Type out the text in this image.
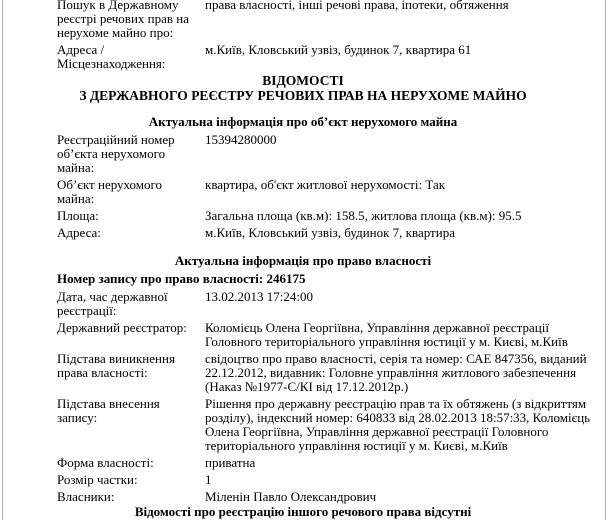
Пошук в Державному реєстрі речових прав на нерухоме майно про:
права власності, інші речові права, іпотеки, обтяження
Адреса / Місцезнаходження:
м.Київ, Кловський узвіз, будинок 7, квартира 61
ВІДОМОСТІ
З ДЕРЖАВНОГО РЕЄСТРУ РЕЧОВИХ ПРАВ НА НЕРУХОМЕ МАЙНО
Актуальна інформація про об’єкт нерухомого майна
Реєстраційний номер об’єкта нерухомого майна:
15394280000
Об’єкт нерухомого майна:
квартира, об'єкт житлової нерухомості: Так
Площа:	Загальна площа (кв.м): 158.5, житлова площа (кв.м): 95.5
Адреса:	м.Київ, Кловський узвіз, будинок 7, квартира
Актуальна інформація про право власності
Номер запису про право власності: 246175
Дата, час державної реєстрації:
13.02.2013 17:24:00
Державний реєстратор:	Коломієць Олена Георгіївна, Управління державної реєстрації Головного територіального управління юстиції у м. Києві, м.Київ
Підстава виникнення права власності:
свідоцтво про право власності, серія та номер: САЕ 847356, виданий 22.12.2012, видавник: Головне управління житлового забезпечення (Наказ №1977-С/КІ від 17.12.2012р.)
Підстава внесення запису:
Рішення про державну реєстрацію прав та їх обтяжень (з відкриттям розділу), індексний номер: 640833 від 28.02.2013 18:57:33, Коломієць Олена Георгіївна, Управління державної реєстрації Головного територіального управління юстиції у м. Києві, м.Київ
Форма власності:	приватна
Розмір частки:	1
Власники:	Міленін Павло Олександрович
Відомості про реєстрацію іншого речового права відсутні
